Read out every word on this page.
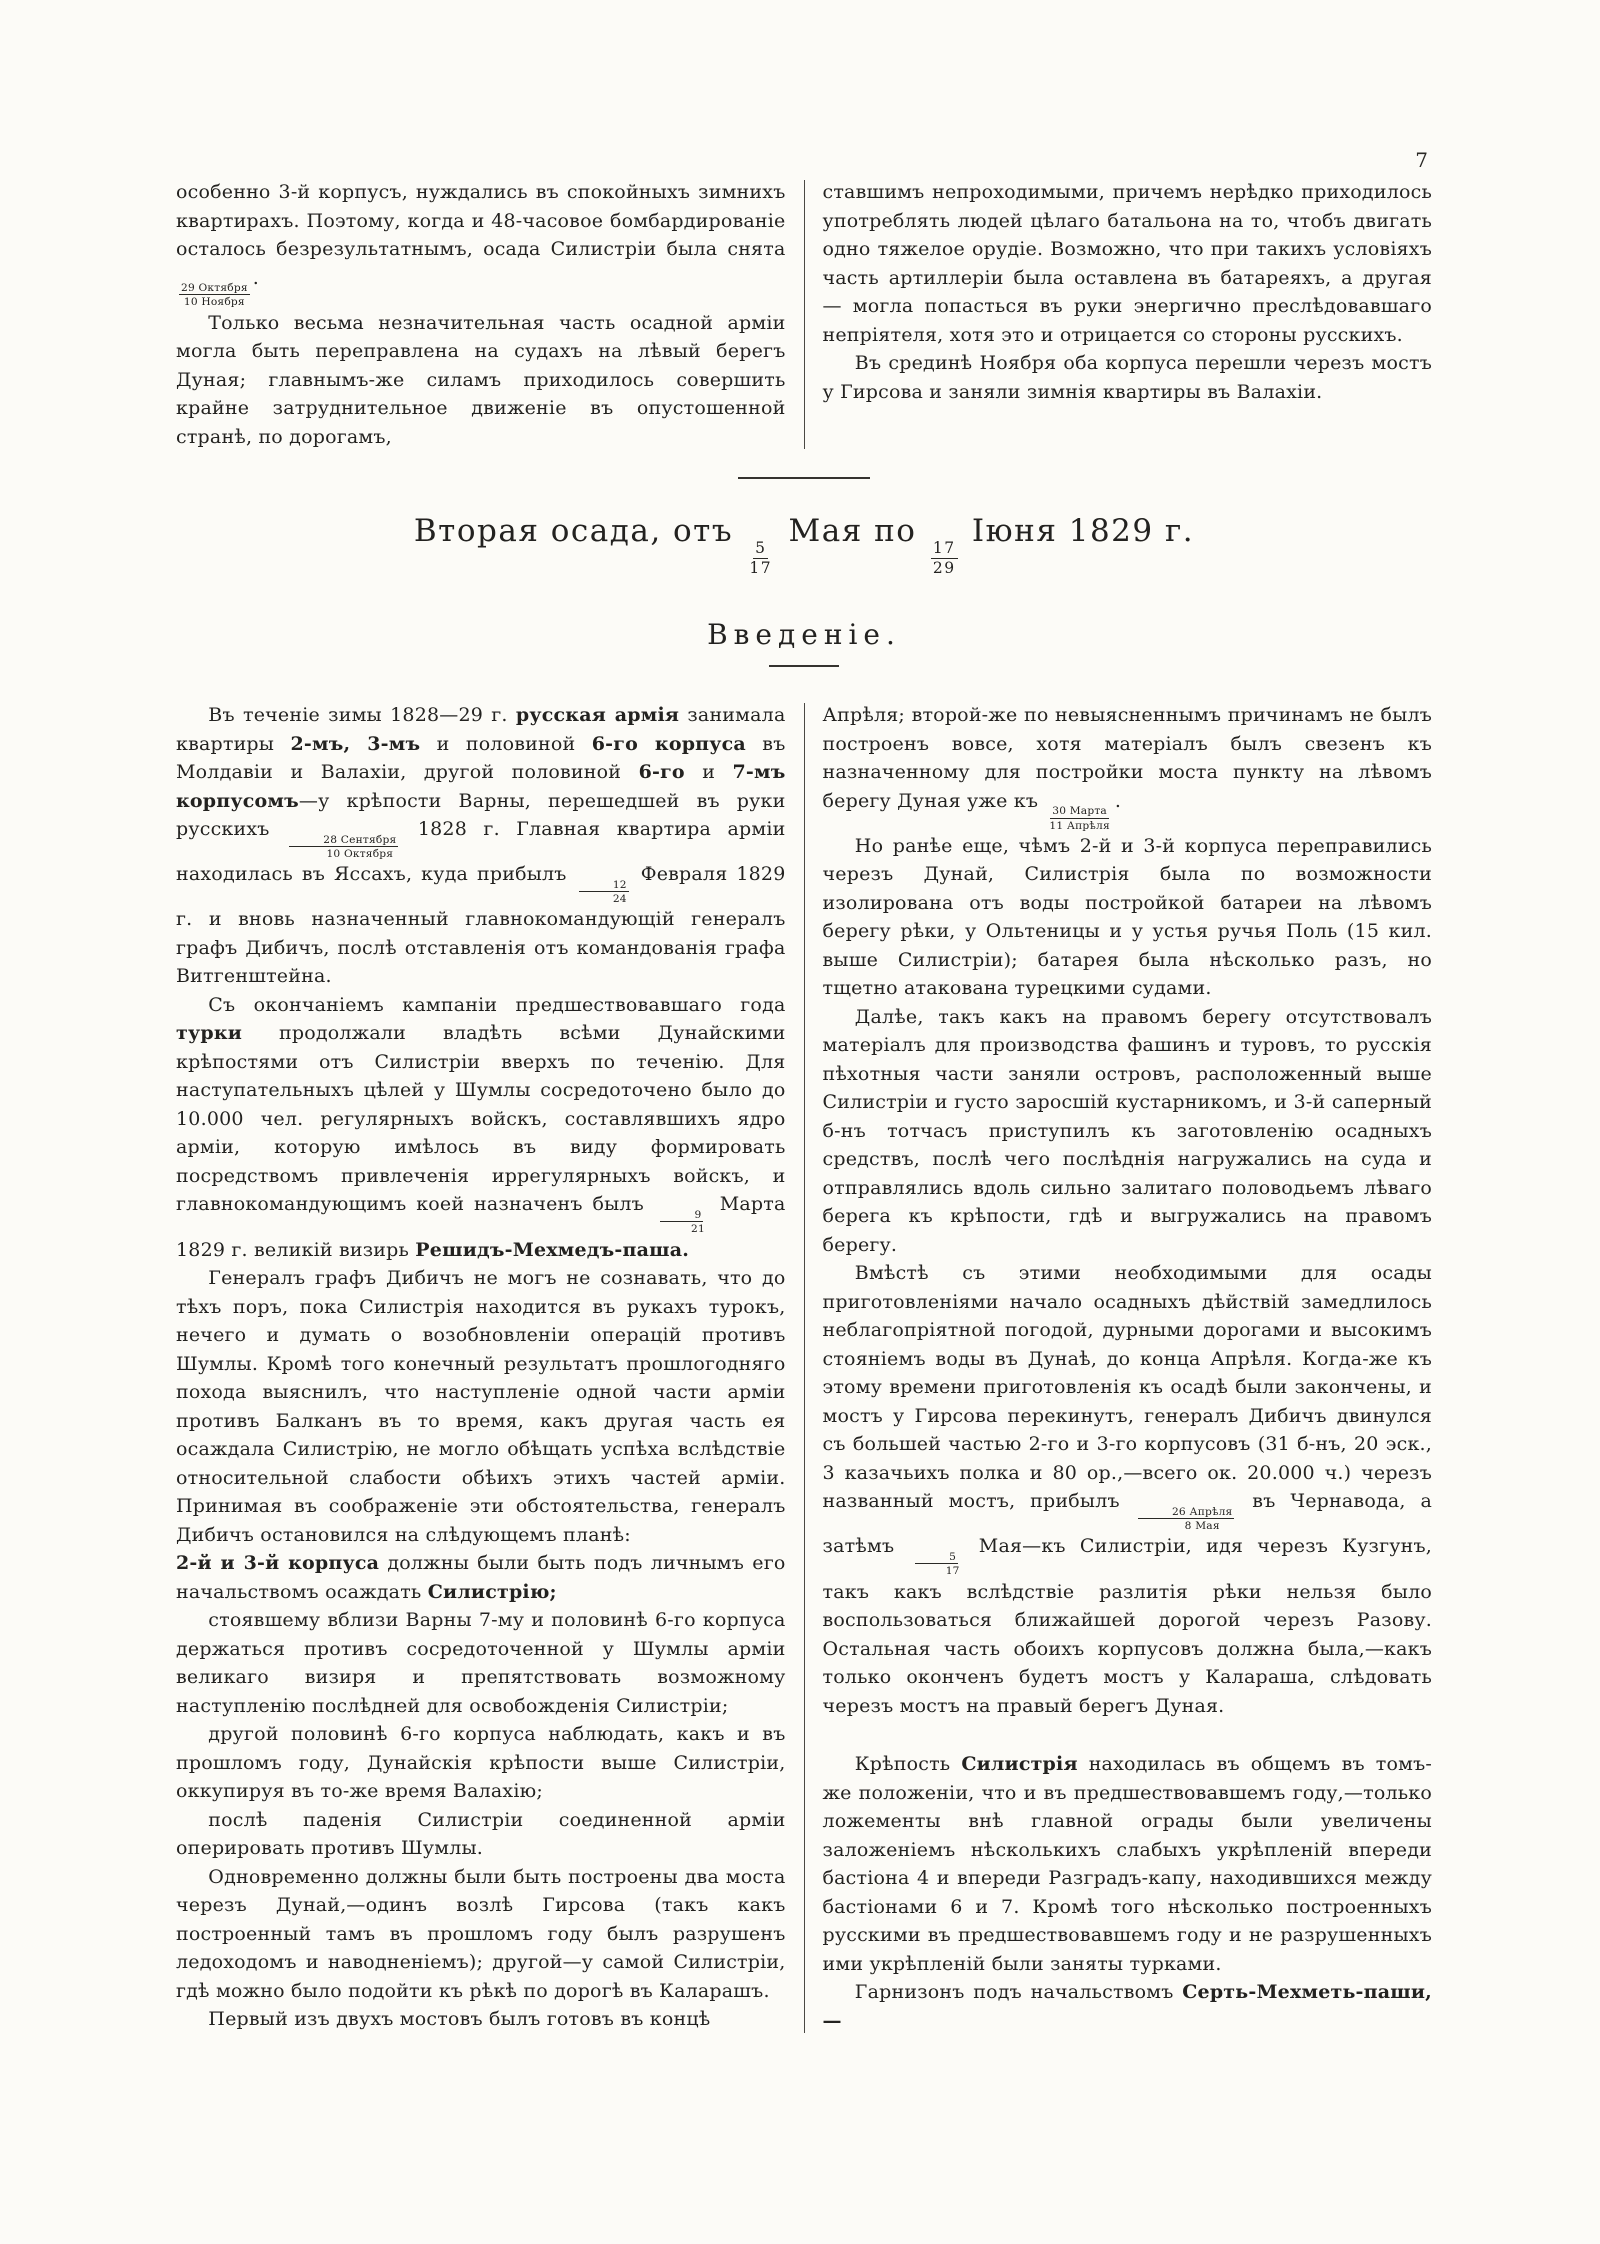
7

особенно 3-й корпусъ, нуждались въ спокойныхъ зимнихъ квартирахъ. Поэтому, когда и 48-часовое бомбардированіе осталось безрезультатнымъ, осада Силистріи была снята
$\frac{\text{29 Октября}}{\text{10 Ноября}}$
.

Только весьма незначительная часть осадной арміи могла быть переправлена на судахъ на лѣвый берегъ Дуная; главнымъ-же силамъ приходилось совершить крайне затруднительное движеніе въ опустошенной странѣ, по дорогамъ,

ставшимъ непроходимыми, причемъ нерѣдко приходилось употреблять людей цѣлаго батальона на то, чтобъ двигать одно тяжелое орудіе. Возможно, что при такихъ условіяхъ часть артиллеріи была оставлена въ батареяхъ, а другая — могла попасться въ руки энергично преслѣдовавшаго непріятеля, хотя это и отрицается со стороны русскихъ.

Въ срединѣ Ноября оба корпуса перешли черезъ мостъ у Гирсова и заняли зимнія квартиры въ Валахіи.

Вторая осада, отъ
$\frac{5}{17}$
Мая по
$\frac{17}{29}$
Іюня 1829 г.
Введеніе.

Въ теченіе зимы 1828—29 г. русская армія занимала квартиры 2-мъ, 3-мъ и половиной 6-го корпуса въ Молдавіи и Валахіи, другой половиной 6-го и 7-мъ корпусомъ—у крѣпости Варны, перешедшей въ руки русскихъ
$\frac{\text{28 Сентября}}{\text{10 Октября}}$
1828 г. Главная квартира арміи находилась въ Яссахъ, куда прибылъ
$\frac{12}{24}$
Февраля 1829 г. и вновь назначенный главнокомандующій генералъ графъ Дибичъ, послѣ отставленія отъ командованія графа Витгенштейна.

Съ окончаніемъ кампаніи предшествовавшаго года турки продолжали владѣть всѣми Дунайскими крѣпостями отъ Силистріи вверхъ по теченію. Для наступательныхъ цѣлей у Шумлы сосредоточено было до 10.000 чел. регулярныхъ войскъ, составлявшихъ ядро арміи, которую имѣлось въ виду формировать посредствомъ привлеченія иррегулярныхъ войскъ, и главнокомандующимъ коей назначенъ былъ
$\frac{9}{21}$
Марта 1829 г. великій визирь Решидъ-Мехмедъ-паша.

Генералъ графъ Дибичъ не могъ не сознавать, что до тѣхъ поръ, пока Силистрія находится въ рукахъ турокъ, нечего и думать о возобновленіи операцій противъ Шумлы. Кромѣ того конечный результатъ прошлогодняго похода выяснилъ, что наступленіе одной части арміи противъ Балканъ въ то время, какъ другая часть ея осаждала Силистрію, не могло обѣщать успѣха вслѣдствіе относительной слабости обѣихъ этихъ частей арміи. Принимая въ соображеніе эти обстоятельства, генералъ Дибичъ остановился на слѣдующемъ планѣ:

2-й и 3-й корпуса должны были быть подъ личнымъ его начальствомъ осаждать Силистрію;

стоявшему вблизи Варны 7-му и половинѣ 6-го корпуса держаться противъ сосредоточенной у Шумлы арміи великаго визиря и препятствовать возможному наступленію послѣдней для освобожденія Силистріи;

другой половинѣ 6-го корпуса наблюдать, какъ и въ прошломъ году, Дунайскія крѣпости выше Силистріи, оккупируя въ то-же время Валахію;

послѣ паденія Силистріи соединенной арміи оперировать противъ Шумлы.

Одновременно должны были быть построены два моста черезъ Дунай,—одинъ возлѣ Гирсова (такъ какъ построенный тамъ въ прошломъ году былъ разрушенъ ледоходомъ и наводненіемъ); другой—у самой Силистріи, гдѣ можно было подойти къ рѣкѣ по дорогѣ въ Каларашъ.

Первый изъ двухъ мостовъ былъ готовъ въ концѣ

Апрѣля; второй-же по невыясненнымъ причинамъ не былъ построенъ вовсе, хотя матеріалъ былъ свезенъ къ назначенному для постройки моста пункту на лѣвомъ берегу Дуная уже къ
$\frac{\text{30 Марта}}{\text{11 Апрѣля}}$
.

Но ранѣе еще, чѣмъ 2-й и 3-й корпуса переправились черезъ Дунай, Силистрія была по возможности изолирована отъ воды постройкой батареи на лѣвомъ берегу рѣки, у Ольтеницы и у устья ручья Поль (15 кил. выше Силистріи); батарея была нѣсколько разъ, но тщетно атакована турецкими судами.

Далѣе, такъ какъ на правомъ берегу отсутствовалъ матеріалъ для производства фашинъ и туровъ, то русскія пѣхотныя части заняли островъ, расположенный выше Силистріи и густо заросшій кустарникомъ, и 3-й саперный б-нъ тотчасъ приступилъ къ заготовленію осадныхъ средствъ, послѣ чего послѣднія нагружались на суда и отправлялись вдоль сильно залитаго половодьемъ лѣваго берега къ крѣпости, гдѣ и выгружались на правомъ берегу.

Вмѣстѣ съ этими необходимыми для осады приготовленіями начало осадныхъ дѣйствій замедлилось неблагопріятной погодой, дурными дорогами и высокимъ стояніемъ воды въ Дунаѣ, до конца Апрѣля. Когда-же къ этому времени приготовленія къ осадѣ были закончены, и мостъ у Гирсова перекинутъ, генералъ Дибичъ двинулся съ большей частью 2-го и 3-го корпусовъ (31 б-нъ, 20 эск., 3 казачьихъ полка и 80 ор.,—всего ок. 20.000 ч.) черезъ названный мостъ, прибылъ
$\frac{\text{26 Апрѣля}}{\text{8 Мая}}$
въ Чернавода, а затѣмъ
$\frac{5}{17}$
Мая—къ Силистріи, идя черезъ Кузгунъ, такъ какъ вслѣдствіе разлитія рѣки нельзя было воспользоваться ближайшей дорогой черезъ Разову. Остальная часть обоихъ корпусовъ должна была,—какъ только оконченъ будетъ мостъ у Калараша, слѣдовать черезъ мостъ на правый берегъ Дуная.

Крѣпость Силистрія находилась въ общемъ въ томъ-же положеніи, что и въ предшествовавшемъ году,—только ложементы внѣ главной ограды были увеличены заложеніемъ нѣсколькихъ слабыхъ укрѣпленій впереди бастіона 4 и впереди Разградъ-капу, находившихся между бастіонами 6 и 7. Кромѣ того нѣсколько построенныхъ русскими въ предшествовавшемъ году и не разрушенныхъ ими укрѣпленій были заняты турками.

Гарнизонъ подъ начальствомъ Серть-Мехметь-паши,—
